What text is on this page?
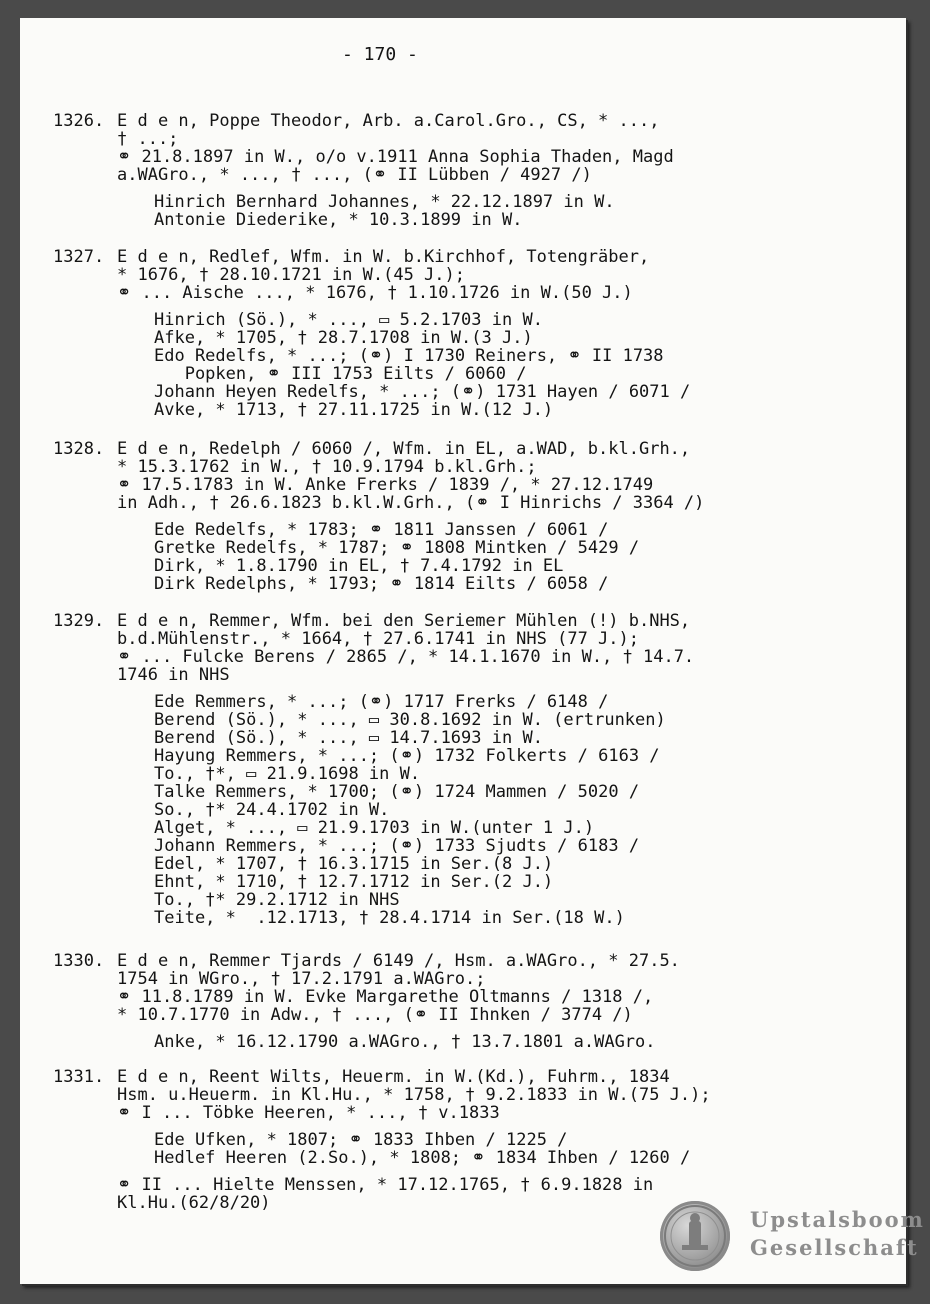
- 170 -
1326. E d e n, Poppe Theodor, Arb. a.Carol.Gro., CS, * ...,
† ...;
⚭ 21.8.1897 in W., o/o v.1911 Anna Sophia Thaden, Magd
a.WAGro., * ..., † ..., (⚭ II Lübben / 4927 /)
Hinrich Bernhard Johannes, * 22.12.1897 in W.
Antonie Diederike, * 10.3.1899 in W.
1327. E d e n, Redlef, Wfm. in W. b.Kirchhof, Totengräber,
* 1676, † 28.10.1721 in W.(45 J.);
⚭ ... Aische ..., * 1676, † 1.10.1726 in W.(50 J.)
Hinrich (Sö.), * ..., ▭ 5.2.1703 in W.
Afke, * 1705, † 28.7.1708 in W.(3 J.)
Edo Redelfs, * ...; (⚭) I 1730 Reiners, ⚭ II 1738
Popken, ⚭ III 1753 Eilts / 6060 /
Johann Heyen Redelfs, * ...; (⚭) 1731 Hayen / 6071 /
Avke, * 1713, † 27.11.1725 in W.(12 J.)
1328. E d e n, Redelph / 6060 /, Wfm. in EL, a.WAD, b.kl.Grh.,
* 15.3.1762 in W., † 10.9.1794 b.kl.Grh.;
⚭ 17.5.1783 in W. Anke Frerks / 1839 /, * 27.12.1749
in Adh., † 26.6.1823 b.kl.W.Grh., (⚭ I Hinrichs / 3364 /)
Ede Redelfs, * 1783; ⚭ 1811 Janssen / 6061 /
Gretke Redelfs, * 1787; ⚭ 1808 Mintken / 5429 /
Dirk, * 1.8.1790 in EL, † 7.4.1792 in EL
Dirk Redelphs, * 1793; ⚭ 1814 Eilts / 6058 /
1329. E d e n, Remmer, Wfm. bei den Seriemer Mühlen (!) b.NHS,
b.d.Mühlenstr., * 1664, † 27.6.1741 in NHS (77 J.);
⚭ ... Fulcke Berens / 2865 /, * 14.1.1670 in W., † 14.7.
1746 in NHS
Ede Remmers, * ...; (⚭) 1717 Frerks / 6148 /
Berend (Sö.), * ..., ▭ 30.8.1692 in W. (ertrunken)
Berend (Sö.), * ..., ▭ 14.7.1693 in W.
Hayung Remmers, * ...; (⚭) 1732 Folkerts / 6163 /
To., †*, ▭ 21.9.1698 in W.
Talke Remmers, * 1700; (⚭) 1724 Mammen / 5020 /
So., †* 24.4.1702 in W.
Alget, * ..., ▭ 21.9.1703 in W.(unter 1 J.)
Johann Remmers, * ...; (⚭) 1733 Sjudts / 6183 /
Edel, * 1707, † 16.3.1715 in Ser.(8 J.)
Ehnt, * 1710, † 12.7.1712 in Ser.(2 J.)
To., †* 29.2.1712 in NHS
Teite, *  .12.1713, † 28.4.1714 in Ser.(18 W.)
1330. E d e n, Remmer Tjards / 6149 /, Hsm. a.WAGro., * 27.5.
1754 in WGro., † 17.2.1791 a.WAGro.;
⚭ 11.8.1789 in W. Evke Margarethe Oltmanns / 1318 /,
* 10.7.1770 in Adw., † ..., (⚭ II Ihnken / 3774 /)
Anke, * 16.12.1790 a.WAGro., † 13.7.1801 a.WAGro.
1331. E d e n, Reent Wilts, Heuerm. in W.(Kd.), Fuhrm., 1834
Hsm. u.Heuerm. in Kl.Hu., * 1758, † 9.2.1833 in W.(75 J.);
⚭ I ... Töbke Heeren, * ..., † v.1833
Ede Ufken, * 1807; ⚭ 1833 Ihben / 1225 /
Hedlef Heeren (2.So.), * 1808; ⚭ 1834 Ihben / 1260 /
⚭ II ... Hielte Menssen, * 17.12.1765, † 6.9.1828 in
Kl.Hu.(62/8/20)
Upstalsboom
Gesellschaft
